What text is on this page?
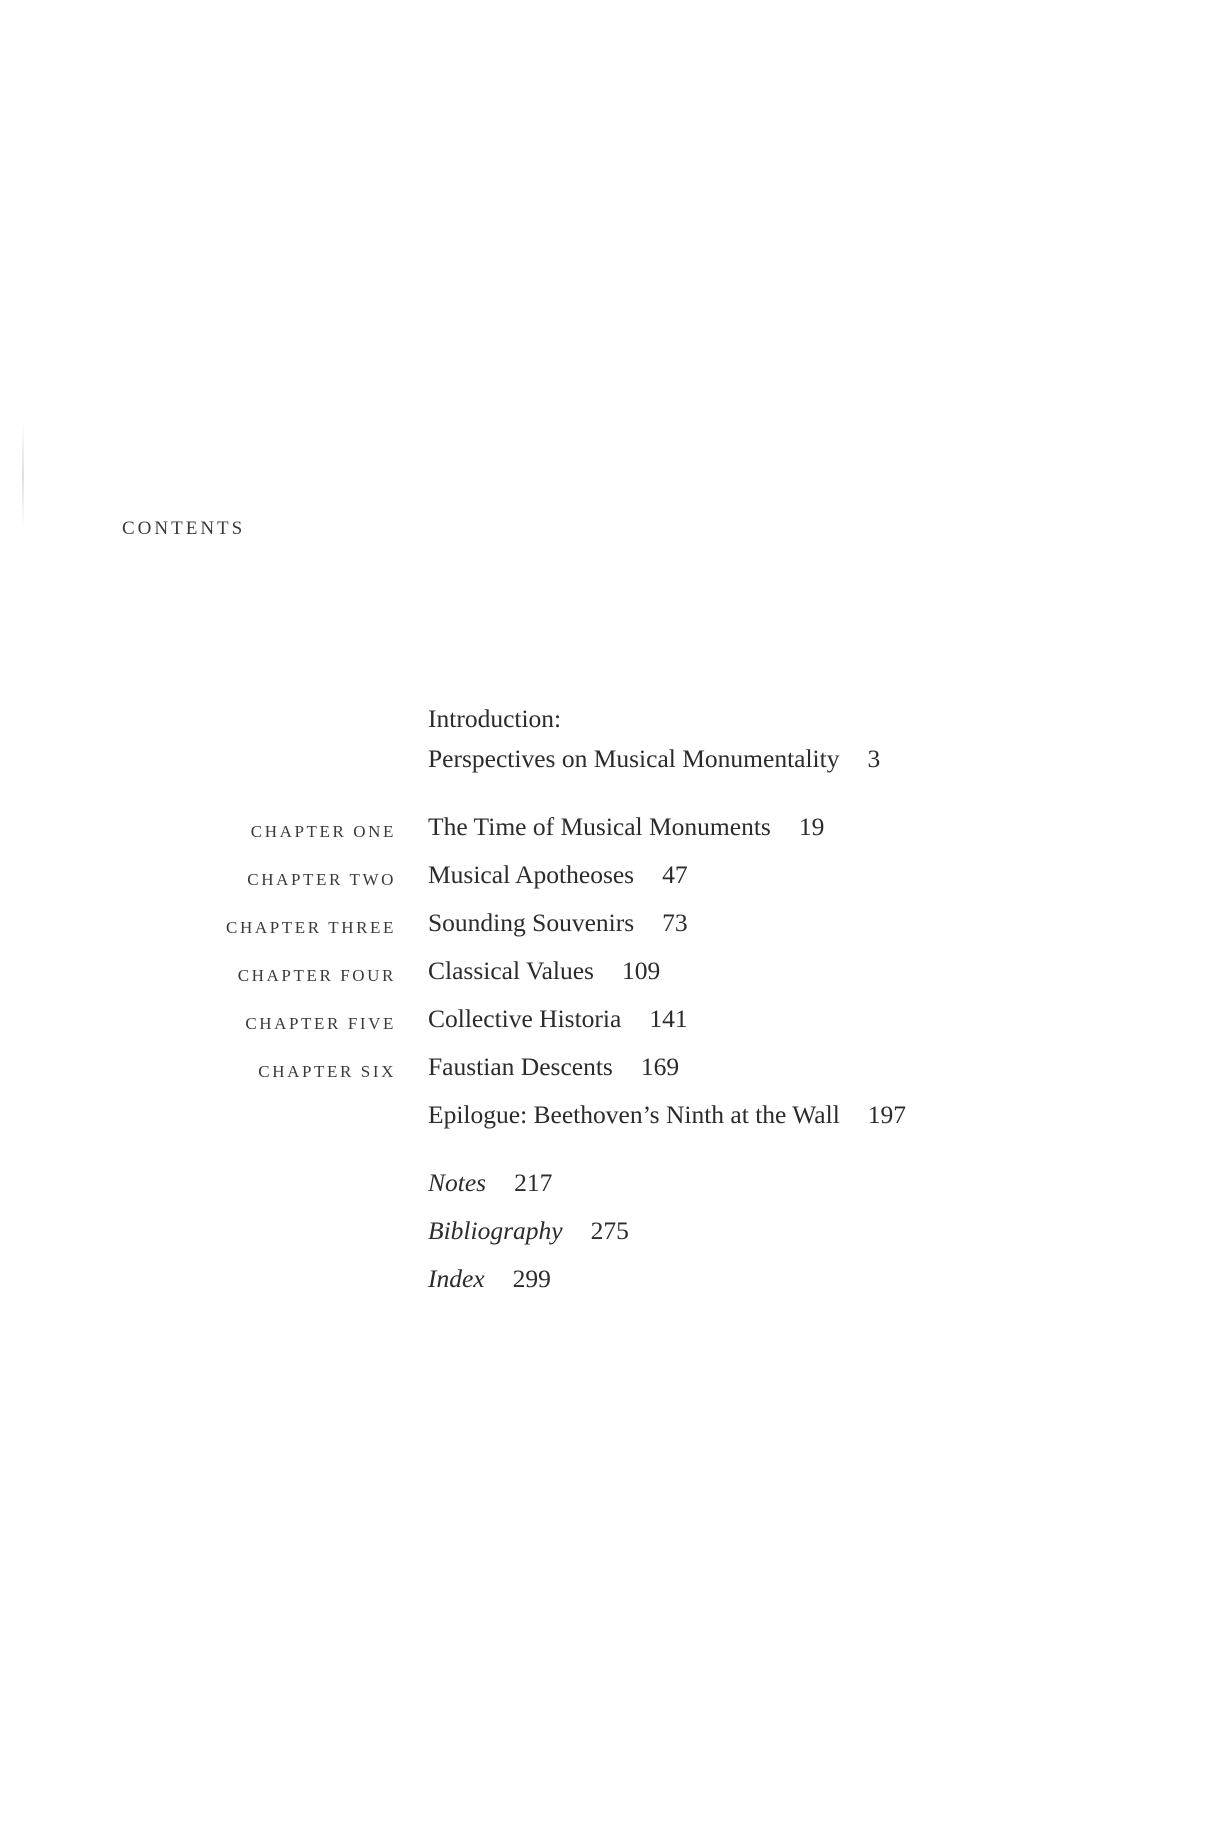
CONTENTS
Introduction:
Perspectives on Musical Monumentality 3
CHAPTER ONE The Time of Musical Monuments 19
CHAPTER TWO Musical Apotheoses 47
CHAPTER THREE Sounding Souvenirs 73
CHAPTER FOUR Classical Values 109
CHAPTER FIVE Collective Historia 141
CHAPTER SIX Faustian Descents 169
Epilogue: Beethoven’s Ninth at the Wall 197
Notes 217
Bibliography 275
Index 299
